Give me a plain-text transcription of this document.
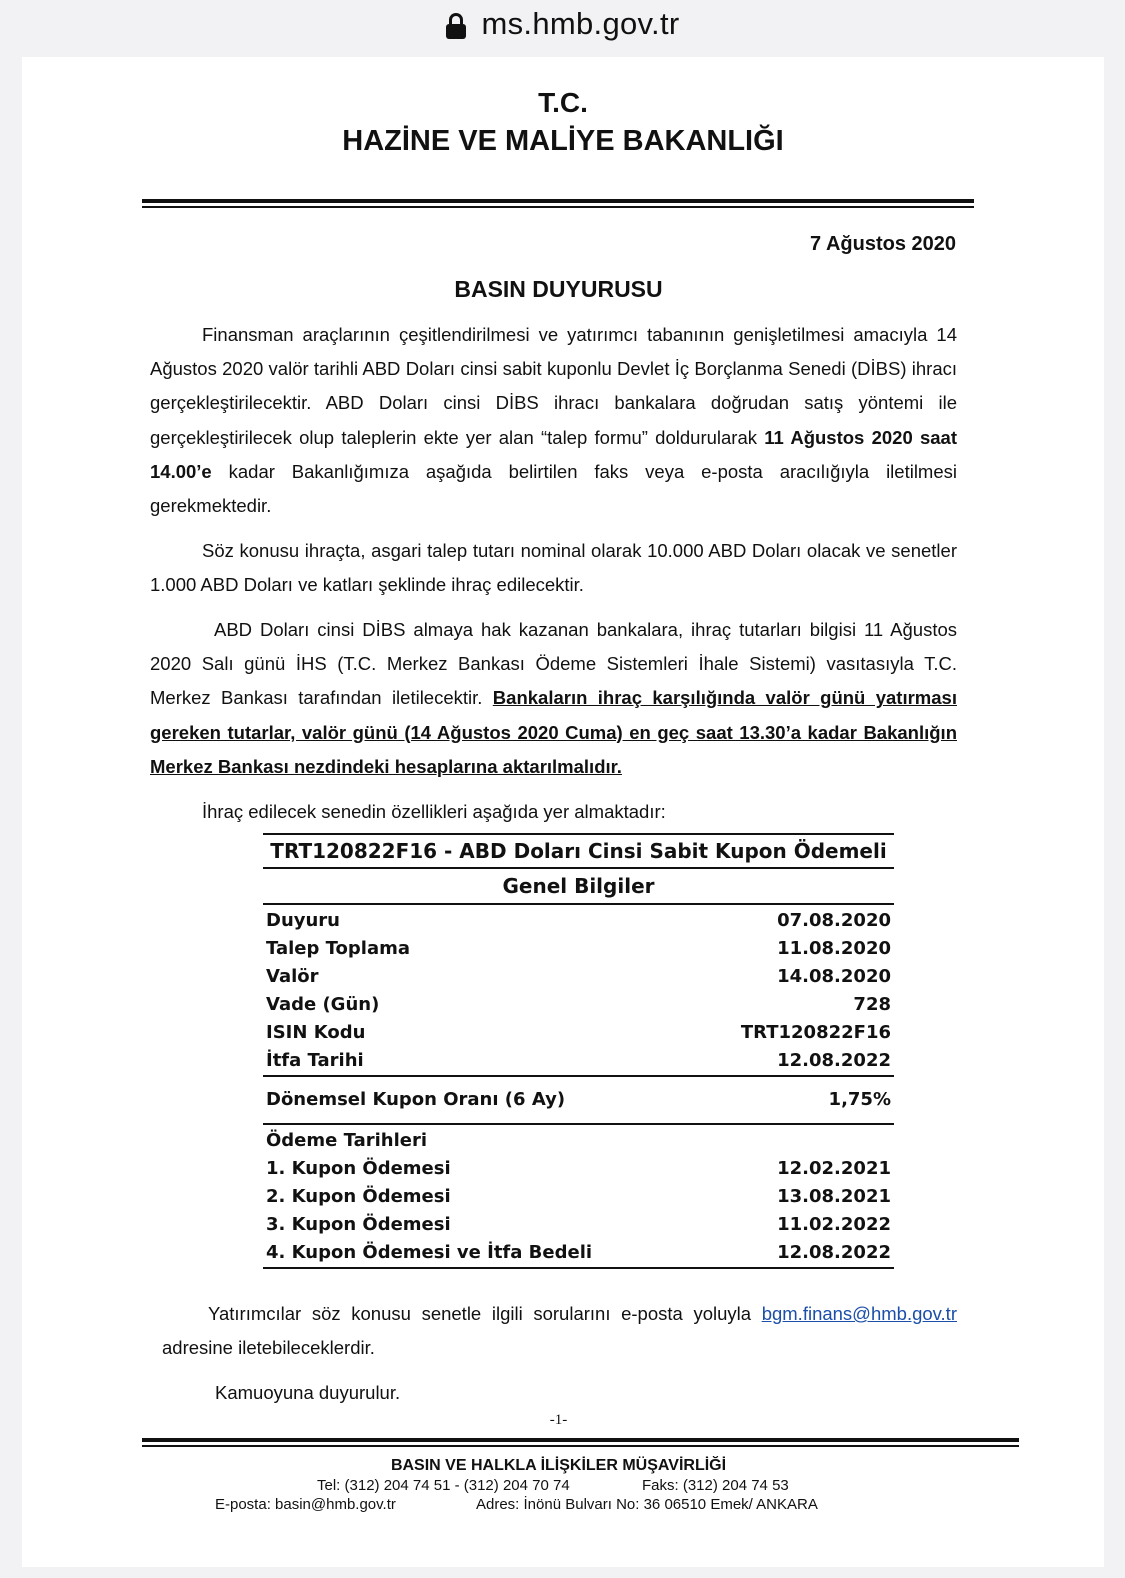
ms.hmb.gov.tr
T.C.
HAZİNE VE MALİYE BAKANLIĞI
7 Ağustos 2020
BASIN DUYURUSU

Finansman araçlarının çeşitlendirilmesi ve yatırımcı tabanının genişletilmesi amacıyla 14 Ağustos 2020 valör tarihli ABD Doları cinsi sabit kuponlu Devlet İç Borçlanma Senedi (DİBS) ihracı gerçekleştirilecektir. ABD Doları cinsi DİBS ihracı bankalara doğrudan satış yöntemi ile gerçekleştirilecek olup taleplerin ekte yer alan “talep formu” doldurularak 11 Ağustos 2020 saat 14.00’e kadar Bakanlığımıza aşağıda belirtilen faks veya e-posta aracılığıyla iletilmesi gerekmektedir.

Söz konusu ihraçta, asgari talep tutarı nominal olarak 10.000 ABD Doları olacak ve senetler 1.000 ABD Doları ve katları şeklinde ihraç edilecektir.

ABD Doları cinsi DİBS almaya hak kazanan bankalara, ihraç tutarları bilgisi 11 Ağustos 2020 Salı günü İHS (T.C. Merkez Bankası Ödeme Sistemleri İhale Sistemi) vasıtasıyla T.C. Merkez Bankası tarafından iletilecektir. Bankaların ihraç karşılığında valör günü yatırması gereken tutarlar, valör günü (14 Ağustos 2020 Cuma) en geç saat 13.30’a kadar Bakanlığın Merkez Bankası nezdindeki hesaplarına aktarılmalıdır.

İhraç edilecek senedin özellikleri aşağıda yer almaktadır:

TRT120822F16 - ABD Doları Cinsi Sabit Kupon Ödemeli
Genel Bilgiler
Duyuru	07.08.2020
Talep Toplama	11.08.2020
Valör	14.08.2020
Vade (Gün)	728
ISIN Kodu	TRT120822F16
İtfa Tarihi	12.08.2022
Dönemsel Kupon Oranı (6 Ay)	1,75%
Ödeme Tarihleri
1. Kupon Ödemesi	12.02.2021
2. Kupon Ödemesi	13.08.2021
3. Kupon Ödemesi	11.02.2022
4. Kupon Ödemesi ve İtfa Bedeli	12.08.2022

Yatırımcılar söz konusu senetle ilgili sorularını e-posta yoluyla bgm.finans@hmb.gov.tr adresine iletebileceklerdir.

Kamuoyuna duyurulur.

-1-
BASIN VE HALKLA İLİŞKİLER MÜŞAVİRLİĞİ
Tel: (312) 204 74 51 - (312) 204 70 74	Faks: (312) 204 74 53
E-posta: basin@hmb.gov.tr	Adres: İnönü Bulvarı No: 36 06510 Emek/ ANKARA
